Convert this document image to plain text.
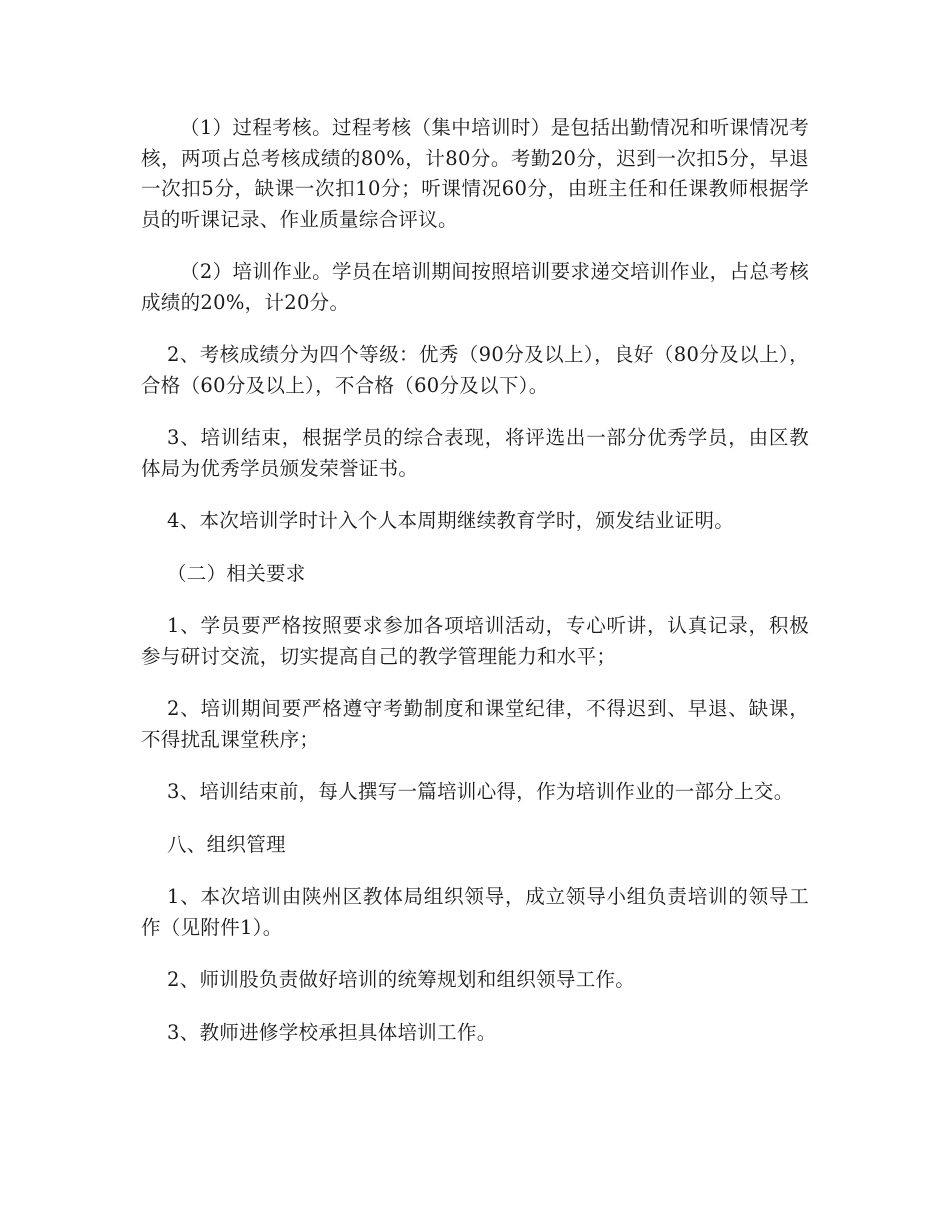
（1）过程考核。过程考核（集中培训时）是包括出勤情况和听课情况考核，两项占总考核成绩的80%，计80分。考勤20分，迟到一次扣5分，早退一次扣5分，缺课一次扣10分；听课情况60分，由班主任和任课教师根据学员的听课记录、作业质量综合评议。

（2）培训作业。学员在培训期间按照培训要求递交培训作业，占总考核成绩的20%，计20分。

2、考核成绩分为四个等级：优秀（90分及以上），良好（80分及以上），合格（60分及以上），不合格（60分及以下）。

3、培训结束，根据学员的综合表现，将评选出一部分优秀学员，由区教体局为优秀学员颁发荣誉证书。

4、本次培训学时计入个人本周期继续教育学时，颁发结业证明。

（二）相关要求

1、学员要严格按照要求参加各项培训活动，专心听讲，认真记录，积极参与研讨交流，切实提高自己的教学管理能力和水平；

2、培训期间要严格遵守考勤制度和课堂纪律，不得迟到、早退、缺课，不得扰乱课堂秩序；

3、培训结束前，每人撰写一篇培训心得，作为培训作业的一部分上交。

八、组织管理

1、本次培训由陕州区教体局组织领导，成立领导小组负责培训的领导工作（见附件1）。

2、师训股负责做好培训的统筹规划和组织领导工作。

3、教师进修学校承担具体培训工作。
